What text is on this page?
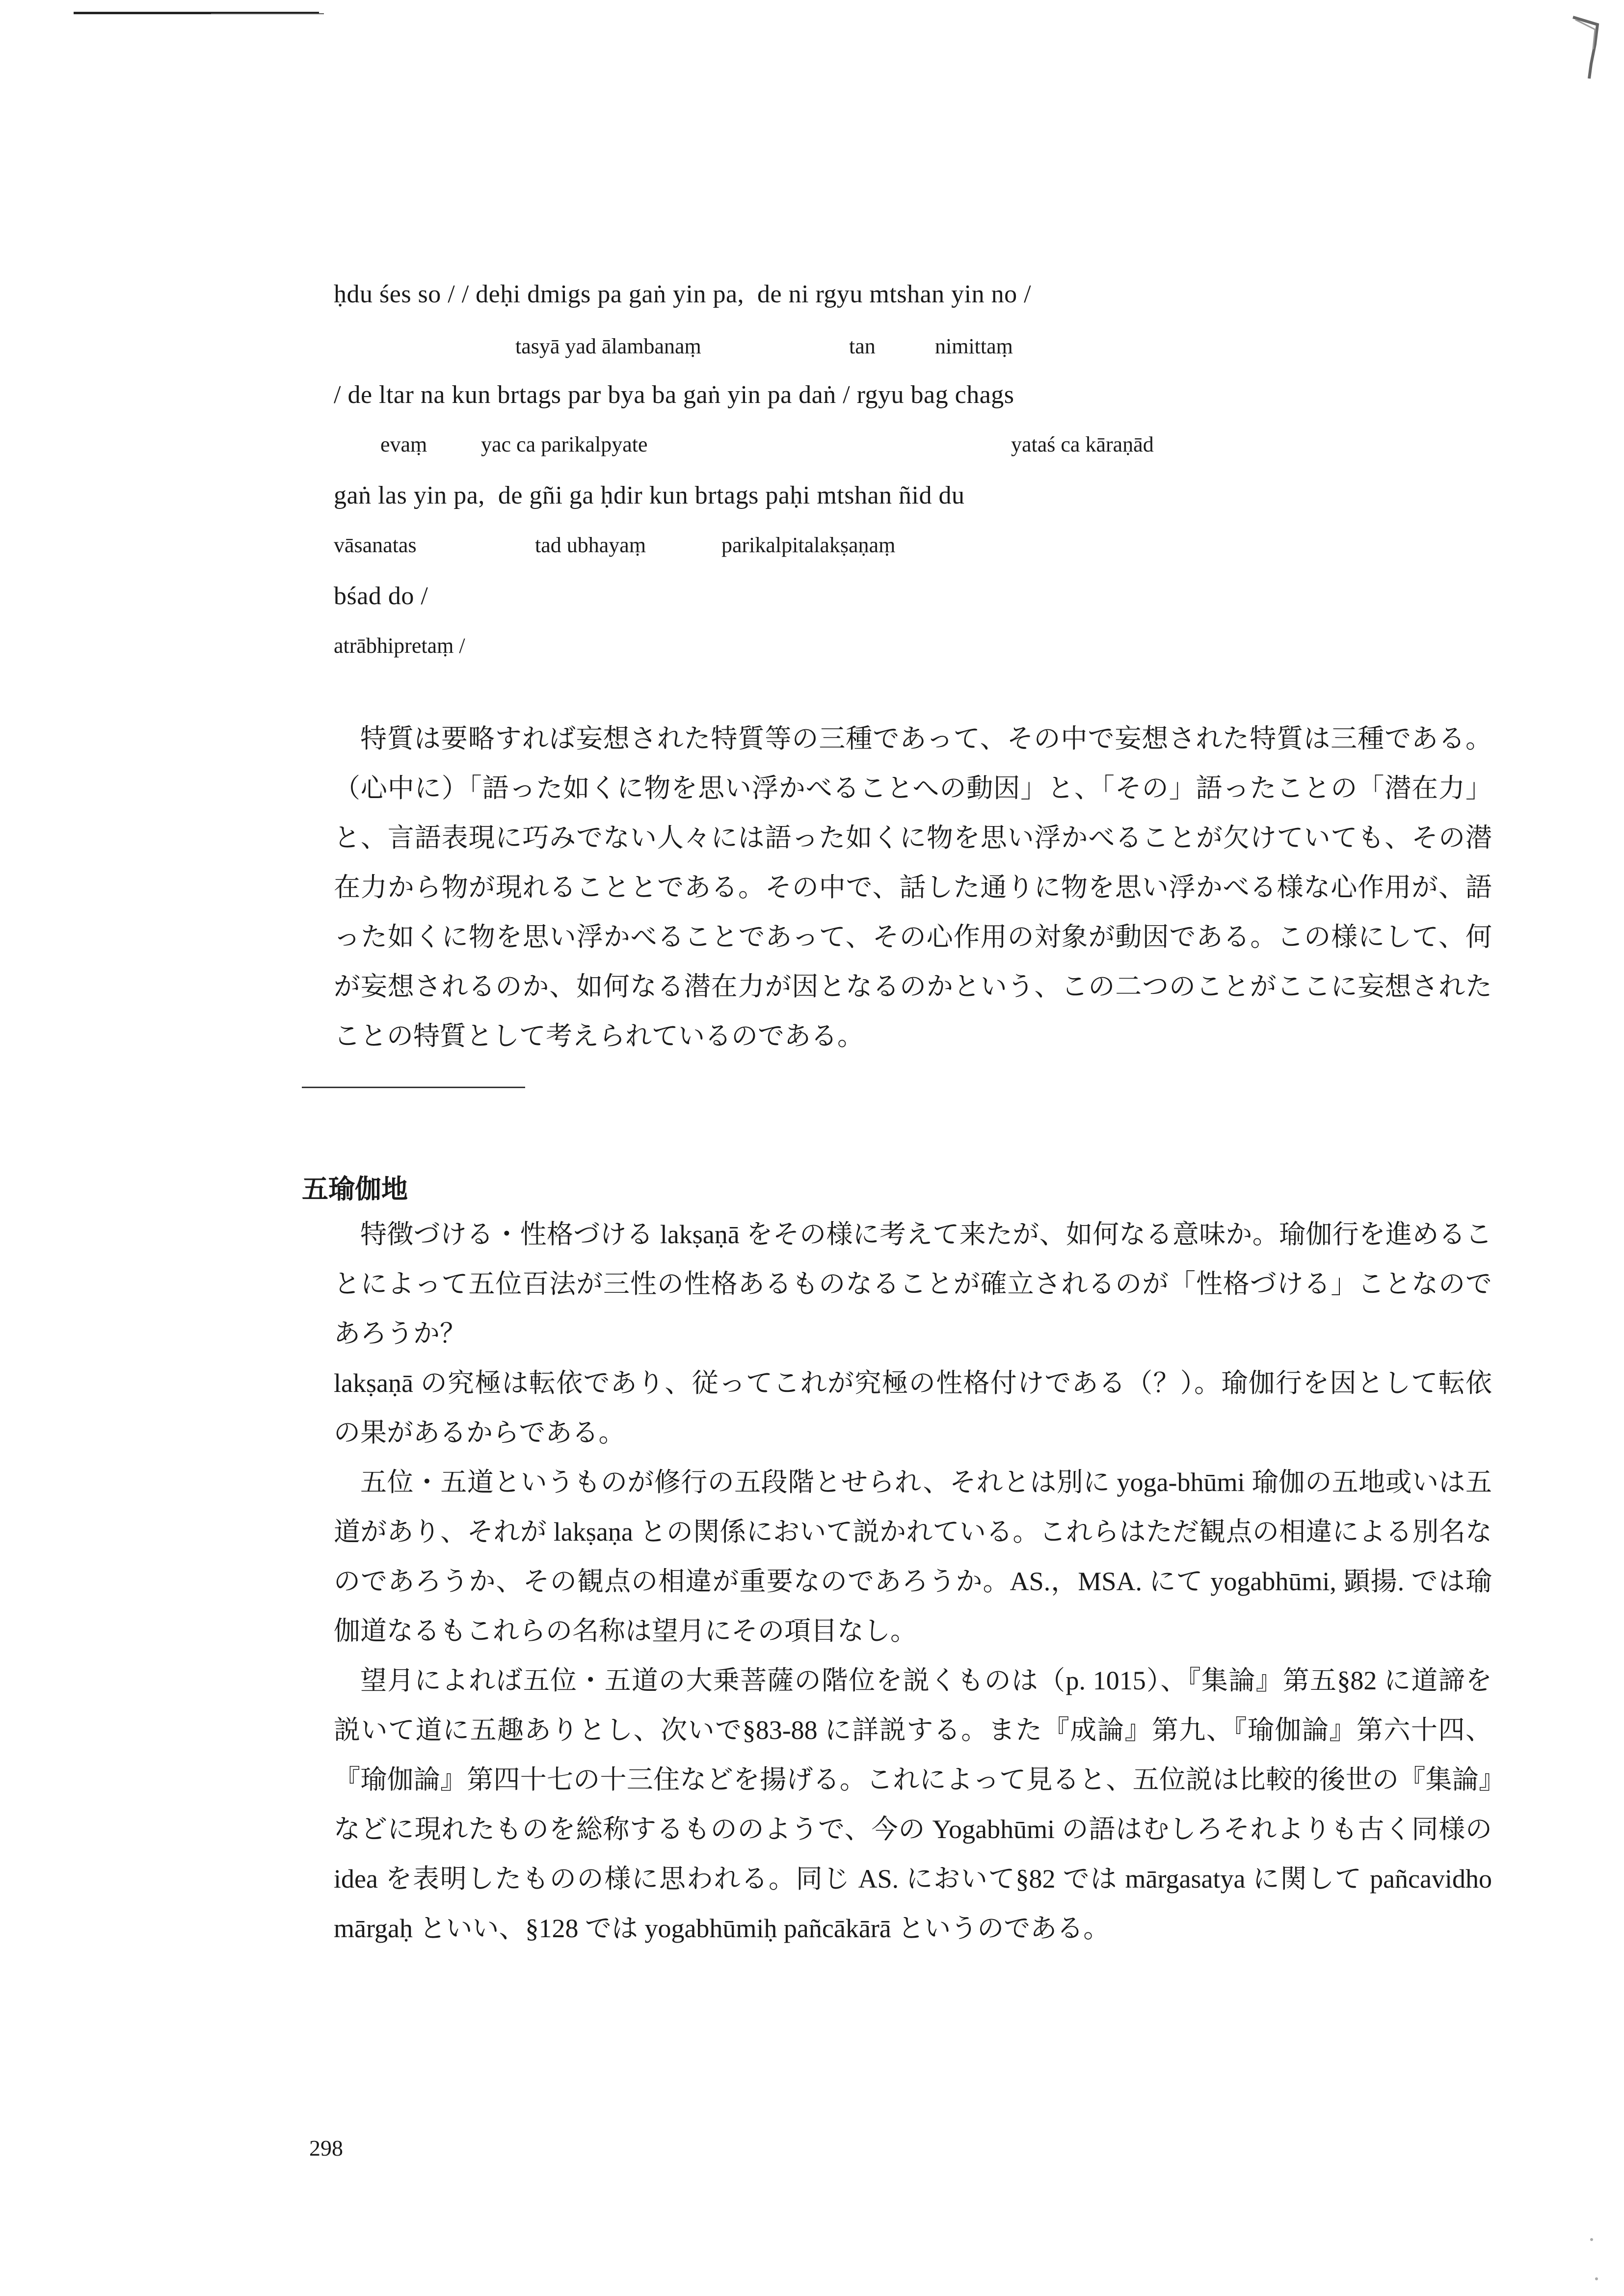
ḥdu śes so / / deḥi dmigs pa gaṅ yin pa,  de ni rgyu mtshan yin no /

tasyā yad ālambanaṃ

	tan

	nimittaṃ

/ de ltar na kun brtags par bya ba gaṅ yin pa daṅ / rgyu bag chags

evaṃ

yac ca parikalpyate

	yataś ca kāraṇād

gaṅ las yin pa,  de gñi ga ḥdir kun brtags paḥi mtshan ñid du

vāsanatas

	tad ubhayaṃ

	parikalpitalakṣaṇaṃ

bśad do /

atrābhipretaṃ /

特質は要略すれば妄想された特質等の三種であって、その中で妄想された特質は三種である。（心中に）「語った如くに物を思い浮かべることへの動因」と、「その」語ったことの「潜在力」と、言語表現に巧みでない人々には語った如くに物を思い浮かべることが欠けていても、その潜在力から物が現れることとである。その中で、話した通りに物を思い浮かべる様な心作用が、語った如くに物を思い浮かべることであって、その心作用の対象が動因である。この様にして、何が妄想されるのか、如何なる潜在力が因となるのかという、この二つのことがここに妄想されたことの特質として考えられているのである。

五瑜伽地

特徴づける・性格づける lakṣaṇā をその様に考えて来たが、如何なる意味か。瑜伽行を進めることによって五位百法が三性の性格あるものなることが確立されるのが「性格づける」ことなのであろうか？

lakṣaṇā の究極は転依であり、従ってこれが究極の性格付けである（？）。瑜伽行を因として転依の果があるからである。

五位・五道というものが修行の五段階とせられ、それとは別に yoga-bhūmi 瑜伽の五地或いは五道があり、それが lakṣaṇa との関係において説かれている。これらはただ観点の相違による別名なのであろうか、その観点の相違が重要なのであろうか。AS.，MSA. にて yogabhūmi, 顕揚. では瑜伽道なるもこれらの名称は望月にその項目なし。

望月によれば五位・五道の大乗菩薩の階位を説くものは（p. 1015）、『集論』第五§82 に道諦を説いて道に五趣ありとし、次いで§83-88 に詳説する。また『成論』第九、『瑜伽論』第六十四、『瑜伽論』第四十七の十三住などを揚げる。これによって見ると、五位説は比較的後世の『集論』などに現れたものを総称するもののようで、今の Yogabhūmi の語はむしろそれよりも古く同様の idea を表明したものの様に思われる。同じ AS. において§82 では mārgasatya に関して pañcavidho mārgaḥ といい、§128 では yogabhūmiḥ pañcākārā というのである。

298
